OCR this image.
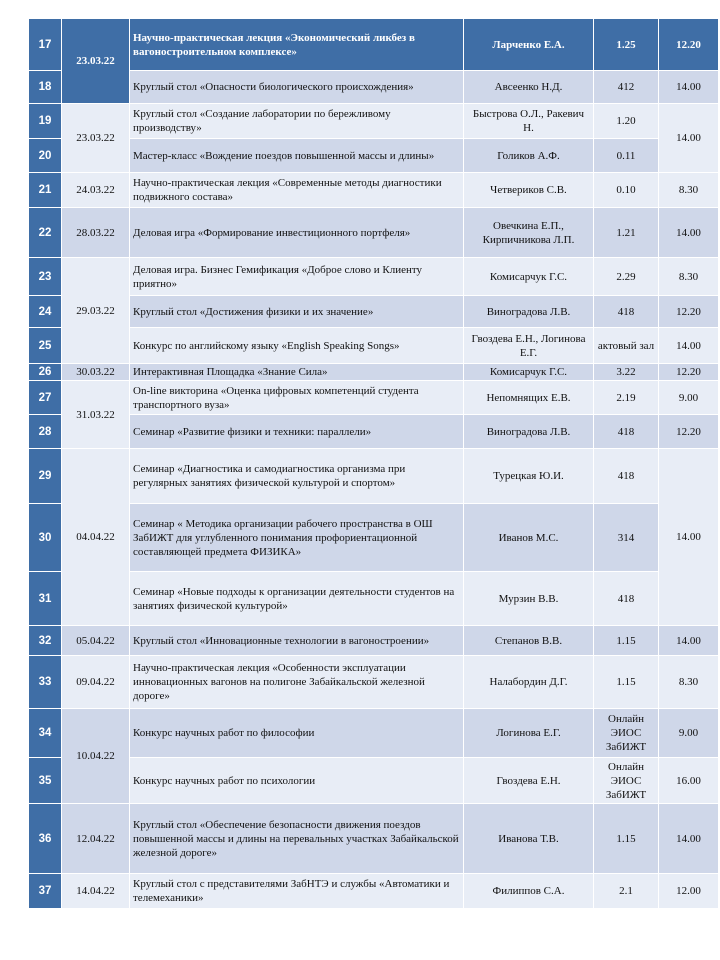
17	23.03.22	Научно-практическая лекция «Экономический ликбез в вагоностроительном комплексе»	Ларченко Е.А.	1.25	12.20
18		Круглый стол «Опасности биологического происхождения»	Авсеенко Н.Д.	412	14.00
19	23.03.22	Круглый стол «Создание лаборатории по бережливому производству»	Быстрова О.Л., Ракевич Н.	1.20	14.00
20		Мастер-класс «Вождение поездов повышенной массы и длины»	Голиков А.Ф.	0.11	
21	24.03.22	Научно-практическая лекция «Современные методы диагностики подвижного состава»	Четвериков С.В.	0.10	8.30
22	28.03.22	Деловая игра «Формирование инвестиционного портфеля»	Овечкина Е.П., Кирпичникова Л.П.	1.21	14.00
23	29.03.22	Деловая игра. Бизнес Гемификация «Доброе слово и Клиенту приятно»	Комисарчук Г.С.	2.29	8.30
24		Круглый стол «Достижения физики и их значение»	Виноградова Л.В.	418	12.20
25		Конкурс по английскому языку «English Speaking Songs»	Гвоздева Е.Н., Логинова Е.Г.	актовый зал	14.00
26	30.03.22	Интерактивная Площадка «Знание Сила»	Комисарчук Г.С.	3.22	12.20
27	31.03.22	On-line викторина «Оценка цифровых компетенций студента транспортного вуза»	Непомнящих Е.В.	2.19	9.00
28		Семинар «Развитие физики и техники: параллели»	Виноградова Л.В.	418	12.20
29	04.04.22	Семинар «Диагностика и самодиагностика организма при регулярных занятиях физической культурой и спортом»	Турецкая Ю.И.	418	14.00
30		Семинар « Методика организации рабочего пространства в ОШ ЗабИЖТ для углубленного понимания профориентационной составляющей предмета ФИЗИКА»	Иванов М.С.	314	
31		Семинар «Новые подходы к организации деятельности студентов на занятиях физической культурой»	Мурзин В.В.	418	
32	05.04.22	Круглый стол «Инновационные технологии в вагоностроении»	Степанов В.В.	1.15	14.00
33	09.04.22	Научно-практическая лекция «Особенности эксплуатации инновационных вагонов на полигоне Забайкальской железной дороге»	Налабордин Д.Г.	1.15	8.30
34	10.04.22	Конкурс научных работ по философии	Логинова Е.Г.	Онлайн ЭИОС ЗабИЖТ	9.00
35		Конкурс научных работ по психологии	Гвоздева Е.Н.	Онлайн ЭИОС ЗабИЖТ	16.00
36	12.04.22	Круглый стол «Обеспечение безопасности движения поездов повышенной массы и длины на перевальных участках Забайкальской железной дороге»	Иванова Т.В.	1.15	14.00
37	14.04.22	Круглый стол с представителями ЗабНТЭ и службы «Автоматики и телемеханики»	Филиппов С.А.	2.1	12.00
